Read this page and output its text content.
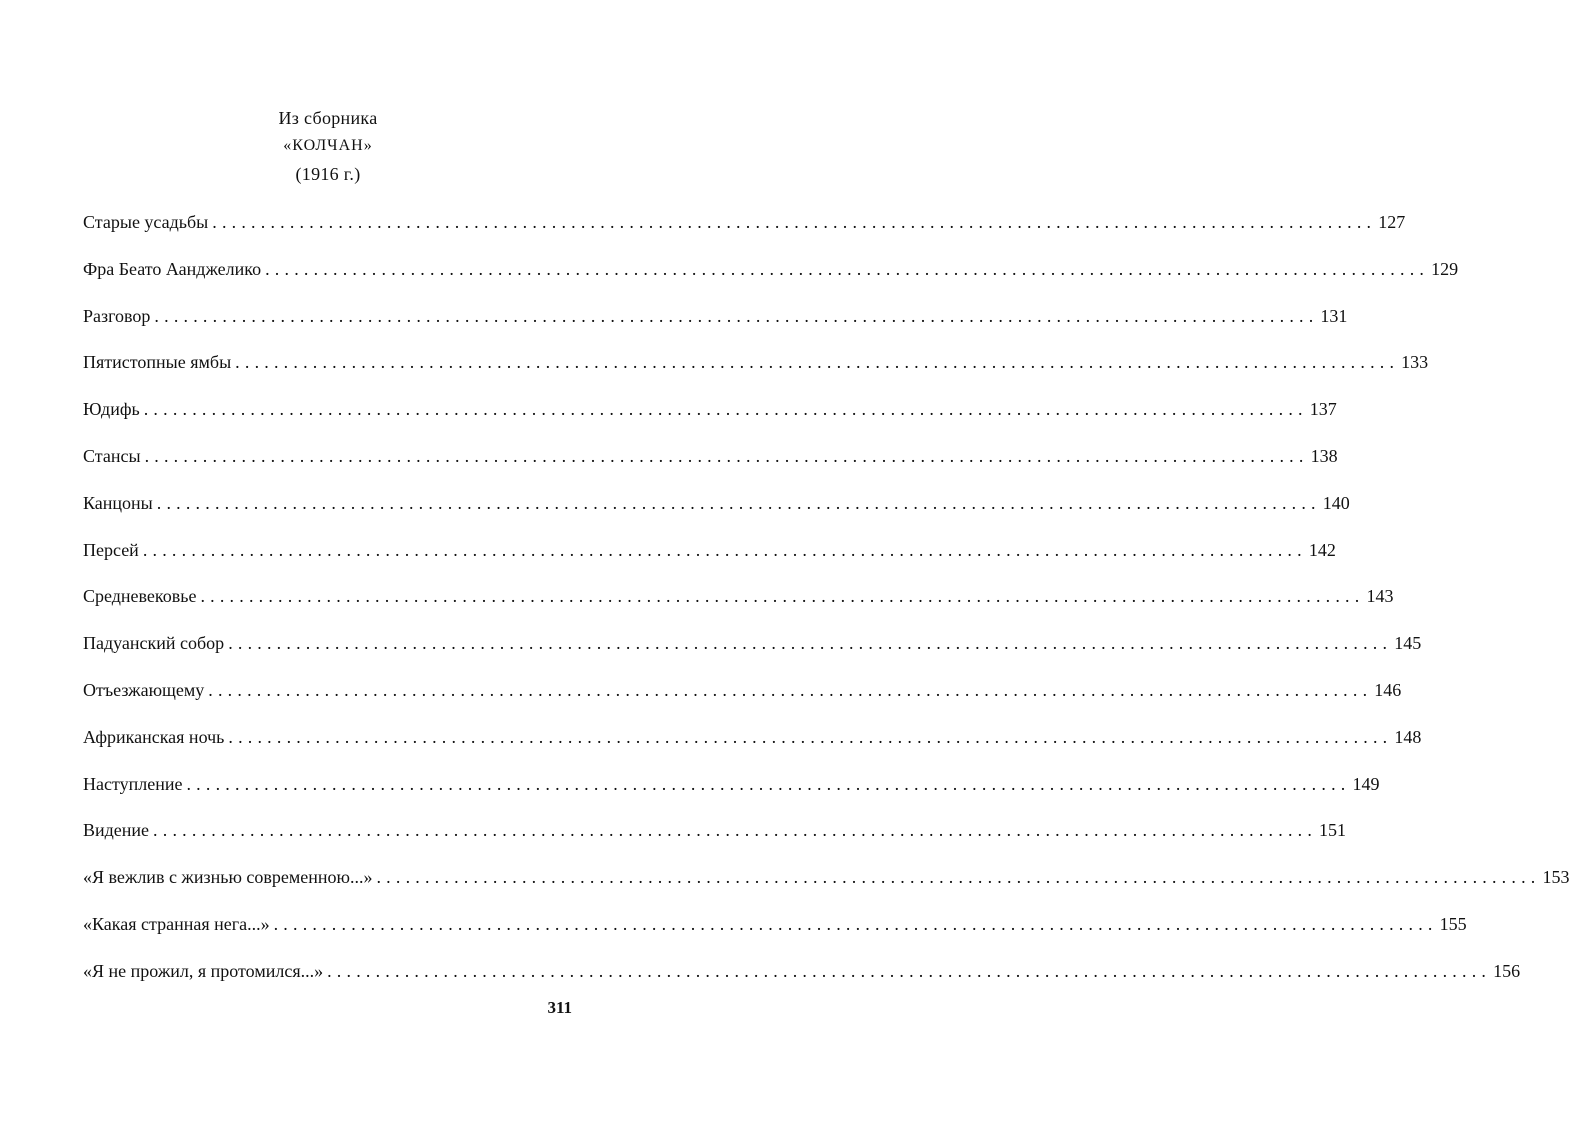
Из сборника
«КОЛЧАН»
(1916 г.)
Старые усадьбы ........................................................................................................................ 127
Фра Беато Аанджелико ........................................................................................................................ 129
Разговор ........................................................................................................................ 131
Пятистопные ямбы ........................................................................................................................ 133
Юдифь ........................................................................................................................ 137
Стансы ........................................................................................................................ 138
Канцоны ........................................................................................................................ 140
Персей ........................................................................................................................ 142
Средневековье ........................................................................................................................ 143
Падуанский собор ........................................................................................................................ 145
Отъезжающему ........................................................................................................................ 146
Африканская ночь ........................................................................................................................ 148
Наступление ........................................................................................................................ 149
Видение ........................................................................................................................ 151
«Я вежлив с жизнью современною...» ........................................................................................................................ 153
«Какая странная нега...» ........................................................................................................................ 155
«Я не прожил, я протомился...» ........................................................................................................................ 156
311
